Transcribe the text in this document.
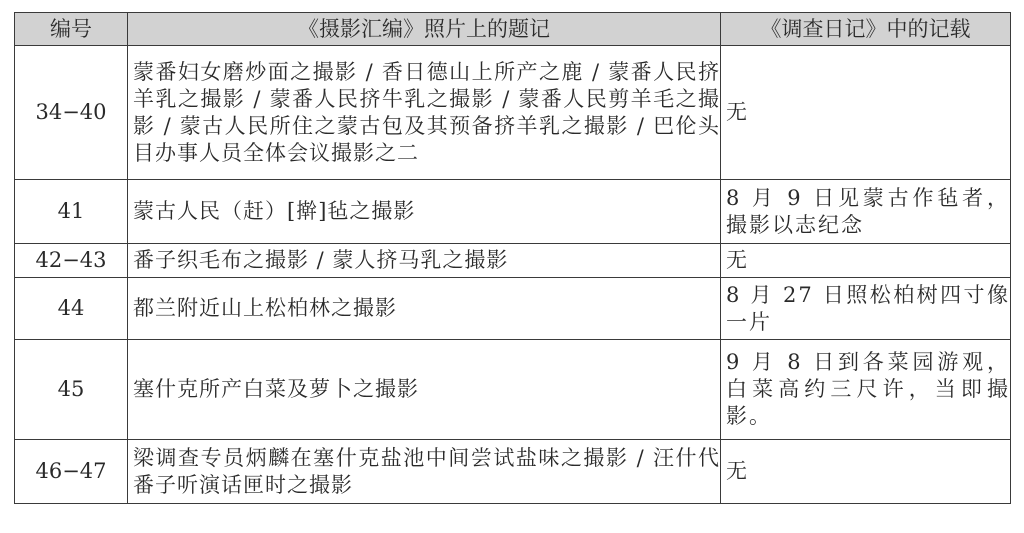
编号	《摄影汇编》照片上的题记	《调查日记》中的记载
34−40	蒙番妇女磨炒面之撮影 / 香日德山上所产之鹿 / 蒙番人民挤羊乳之撮影 / 蒙番人民挤牛乳之撮影 / 蒙番人民剪羊毛之撮影 / 蒙古人民所住之蒙古包及其预备挤羊乳之撮影 / 巴伦头目办事人员全体会议撮影之二	无
41	蒙古人民（赶）[擀]毡之撮影	8 月 9 日见蒙古作毡者，撮影以志纪念
42−43	番子织毛布之撮影 / 蒙人挤马乳之撮影	无
44	都兰附近山上松柏林之撮影	8 月 27 日照松柏树四寸像一片
45	塞什克所产白菜及萝卜之撮影	9 月 8 日到各菜园游观，白菜高约三尺许，当即撮影。
46−47	梁调查专员炳麟在塞什克盐池中间尝试盐味之撮影 / 汪什代番子听演话匣时之撮影	无
